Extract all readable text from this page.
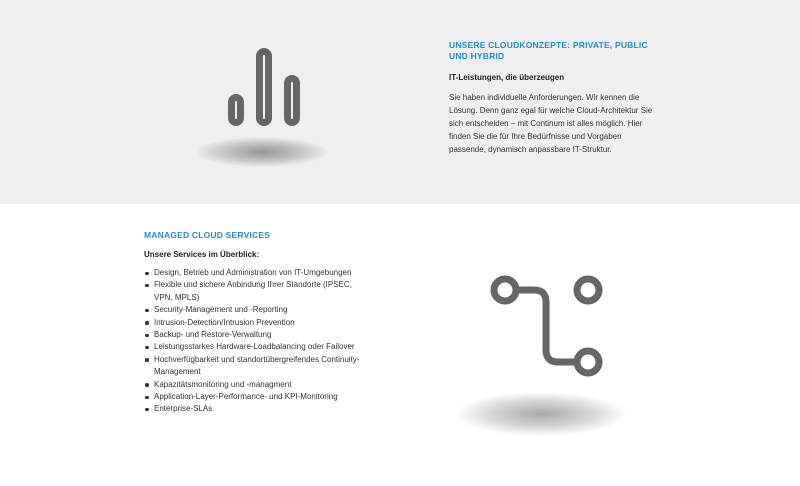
UNSERE CLOUDKONZEPTE: PRIVATE, PUBLIC UND HYBRID
IT-Leistungen, die überzeugen

Sie haben individuelle Anforderungen. Wir kennen die Lösung. Denn ganz egal für welche Cloud-Architektur Sie sich entscheiden – mit Continum ist alles möglich. Hier finden Sie die für Ihre Bedürfnisse und Vorgaben passende, dynamisch anpassbare IT-Struktur.

MANAGED CLOUD SERVICES
Unsere Services im Überblick:
Design, Betrieb und Administration von IT-Umgebungen
Flexible und sichere Anbindung Ihrer Standorte (IPSEC, VPN, MPLS)
Security-Management und -Reporting
Intrusion-Detection/Intrusion Prevention
Backup- und Restore-Verwaltung
Leistungsstarkes Hardware-Loadbalancing oder Failover
Hochverfügbarkeit und standortübergreifendes Continuity-Management
Kapazitätsmonitoring und -managment
Application-Layer-Performance- und KPI-Monitoring
Enterprise-SLAs
